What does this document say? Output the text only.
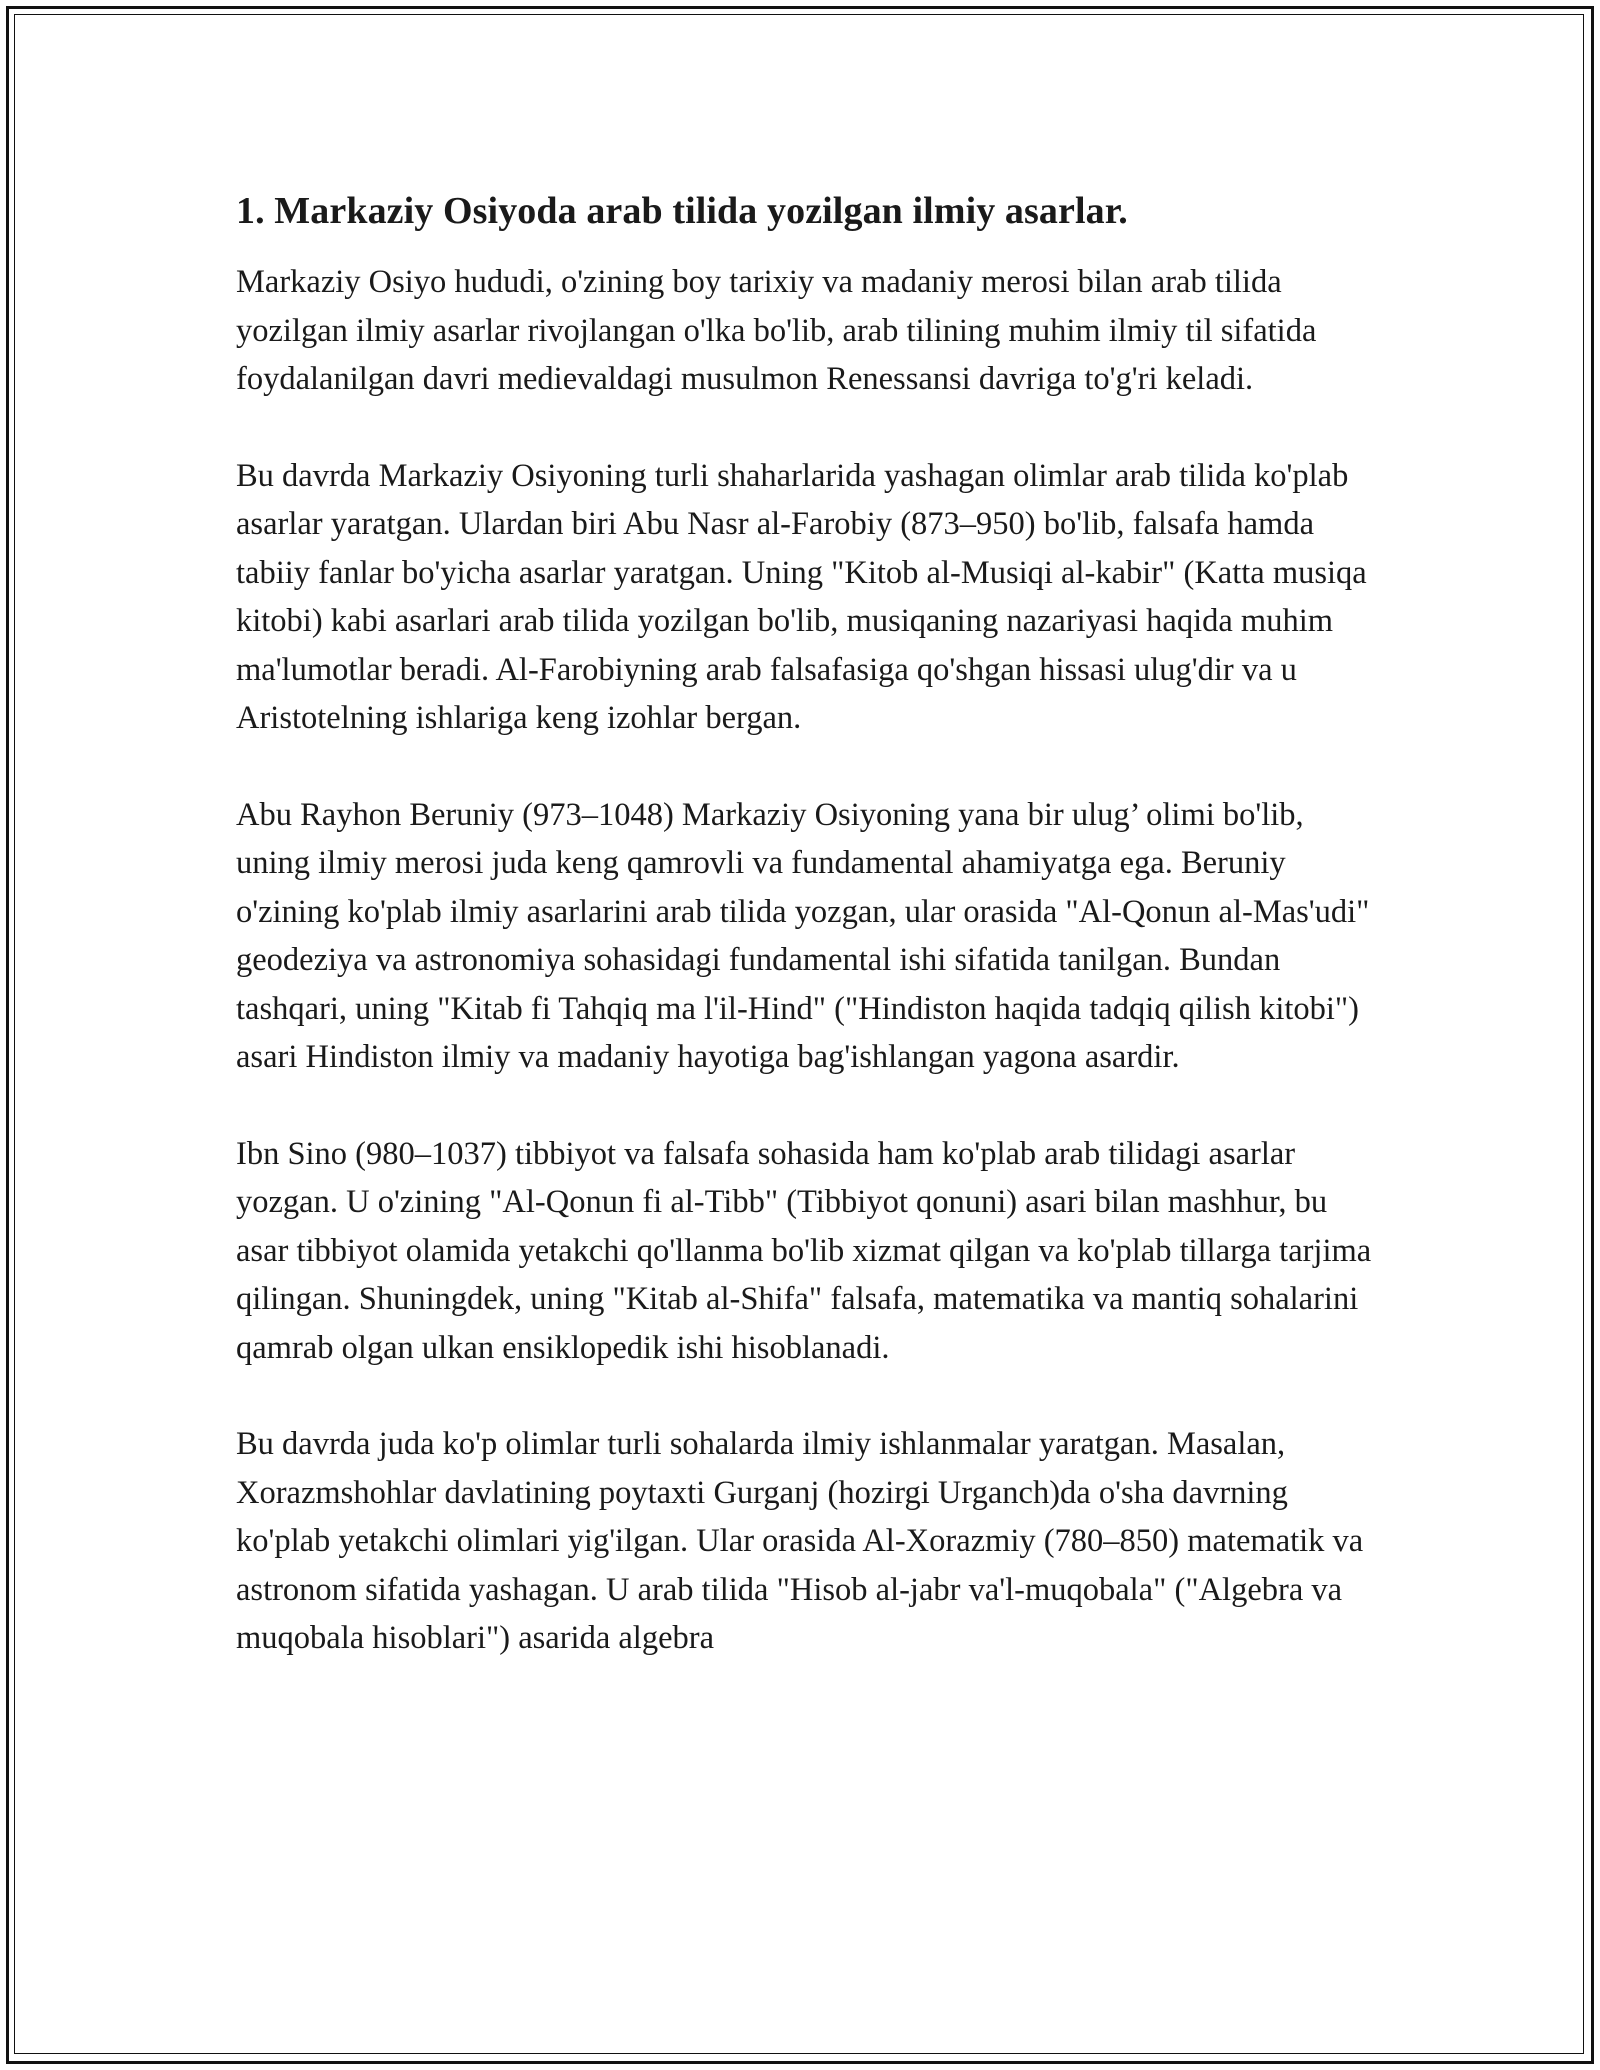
1. Markaziy Osiyoda arab tilida yozilgan ilmiy asarlar.

Markaziy Osiyo hududi, o'zining boy tarixiy va madaniy merosi bilan arab tilida yozilgan ilmiy asarlar rivojlangan o'lka bo'lib, arab tilining muhim ilmiy til sifatida foydalanilgan davri medievaldagi musulmon Renessansi davriga to'g'ri keladi.

Bu davrda Markaziy Osiyoning turli shaharlarida yashagan olimlar arab tilida ko'plab asarlar yaratgan. Ulardan biri Abu Nasr al-Farobiy (873–950) bo'lib, falsafa hamda tabiiy fanlar bo'yicha asarlar yaratgan. Uning "Kitob al-Musiqi al-kabir" (Katta musiqa kitobi) kabi asarlari arab tilida yozilgan bo'lib, musiqaning nazariyasi haqida muhim ma'lumotlar beradi. Al-Farobiyning arab falsafasiga qo'shgan hissasi ulug'dir va u Aristotelning ishlariga keng izohlar bergan.

Abu Rayhon Beruniy (973–1048) Markaziy Osiyoning yana bir ulug’ olimi bo'lib, uning ilmiy merosi juda keng qamrovli va fundamental ahamiyatga ega. Beruniy o'zining ko'plab ilmiy asarlarini arab tilida yozgan, ular orasida "Al-Qonun al-Mas'udi" geodeziya va astronomiya sohasidagi fundamental ishi sifatida tanilgan. Bundan tashqari, uning "Kitab fi Tahqiq ma l'il-Hind" ("Hindiston haqida tadqiq qilish kitobi") asari Hindiston ilmiy va madaniy hayotiga bag'ishlangan yagona asardir.

Ibn Sino (980–1037) tibbiyot va falsafa sohasida ham ko'plab arab tilidagi asarlar yozgan. U o'zining "Al-Qonun fi al-Tibb" (Tibbiyot qonuni) asari bilan mashhur, bu asar tibbiyot olamida yetakchi qo'llanma bo'lib xizmat qilgan va ko'plab tillarga tarjima qilingan. Shuningdek, uning "Kitab al-Shifa" falsafa, matematika va mantiq sohalarini qamrab olgan ulkan ensiklopedik ishi hisoblanadi.

Bu davrda juda ko'p olimlar turli sohalarda ilmiy ishlanmalar yaratgan. Masalan, Xorazmshohlar davlatining poytaxti Gurganj (hozirgi Urganch)da o'sha davrning ko'plab yetakchi olimlari yig'ilgan. Ular orasida Al-Xorazmiy (780–850) matematik va astronom sifatida yashagan. U arab tilida "Hisob al-jabr va'l-muqobala" ("Algebra va muqobala hisoblari") asarida algebra
